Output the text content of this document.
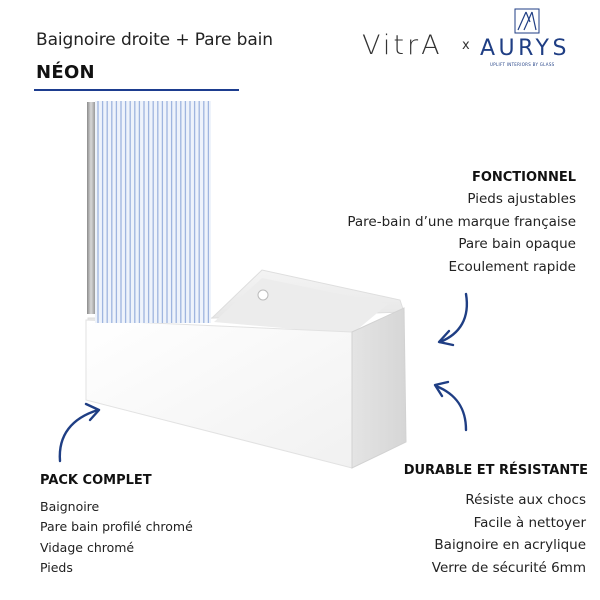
Baignoire droite + Pare bain
NÉON
VitrA x AURYS
UPLIFT INTERIORS BY GLASS
FONCTIONNEL
Pieds ajustables
Pare-bain d’une marque française
Pare bain opaque
Ecoulement rapide
DURABLE ET RÉSISTANTE
Résiste aux chocs
Facile à nettoyer
Baignoire en acrylique
Verre de sécurité 6mm
PACK COMPLET
Baignoire
Pare bain profilé chromé
Vidage chromé
Pieds
